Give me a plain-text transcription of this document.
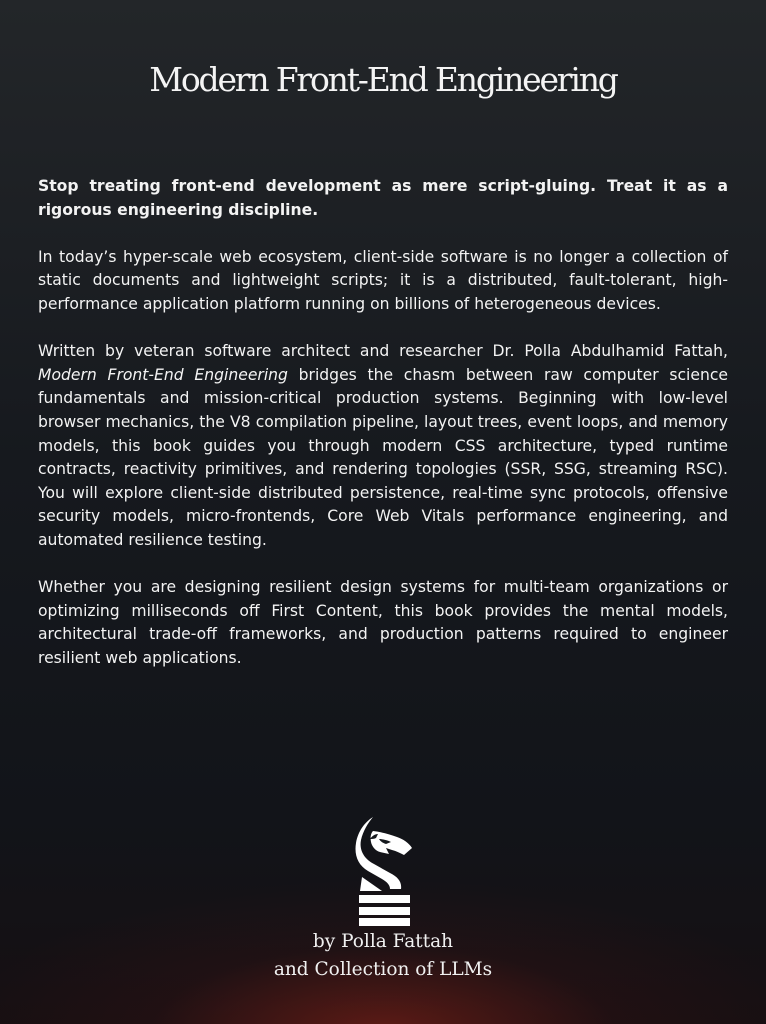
Modern Front-End Engineering

Stop treating front-end development as mere script-gluing. Treat it as a rigorous engineering discipline.

In today’s hyper-scale web ecosystem, client-side software is no longer a collection of static documents and lightweight scripts; it is a distributed, fault-tolerant, high-performance application platform running on billions of heterogeneous devices.

Written by veteran software architect and researcher Dr. Polla Abdulhamid Fattah, Modern Front-End Engineering bridges the chasm between raw computer science fundamentals and mission-critical production systems. Beginning with low-level browser mechanics, the V8 compilation pipeline, layout trees, event loops, and memory models, this book guides you through modern CSS architecture, typed runtime contracts, reactivity primitives, and rendering topologies (SSR, SSG, streaming RSC). You will explore client-side distributed persistence, real-time sync protocols, offensive security models, micro-frontends, Core Web Vitals performance engineering, and automated resilience testing.

Whether you are designing resilient design systems for multi-team organizations or optimizing milliseconds off First Content, this book provides the mental models, architectural trade-off frameworks, and production patterns required to engineer resilient web applications.

by Polla Fattah
and Collection of LLMs
